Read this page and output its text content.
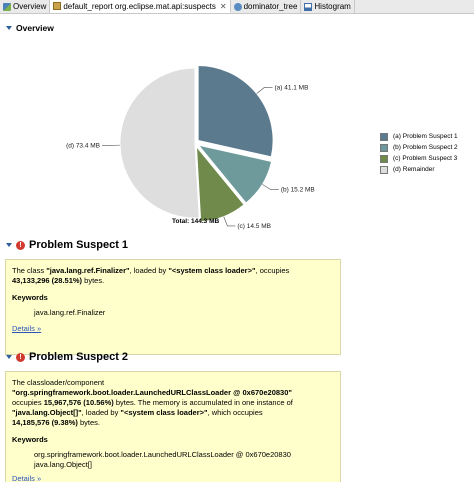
Overview default_report org.eclipse.mat.api:suspects ✕ dominator_tree Histogram
Overview
(a) 41.1 MB
(b) 15.2 MB
(c) 14.5 MB
(d) 73.4 MB
Total: 144.3 MB
(a) Problem Suspect 1
(b) Problem Suspect 2
(c) Problem Suspect 3
(d) Remainder
! Problem Suspect 1
The class "java.lang.ref.Finalizer", loaded by "<system class loader>", occupies
43,133,296 (28.51%) bytes.
Keywords
java.lang.ref.Finalizer
Details »
! Problem Suspect 2
The classloader/component
"org.springframework.boot.loader.LaunchedURLClassLoader @ 0x670e20830"
occupies 15,967,576 (10.56%) bytes. The memory is accumulated in one instance of
"java.lang.Object[]", loaded by "<system class loader>", which occupies
14,185,576 (9.38%) bytes.
Keywords
org.springframework.boot.loader.LaunchedURLClassLoader @ 0x670e20830
java.lang.Object[]
Details »
